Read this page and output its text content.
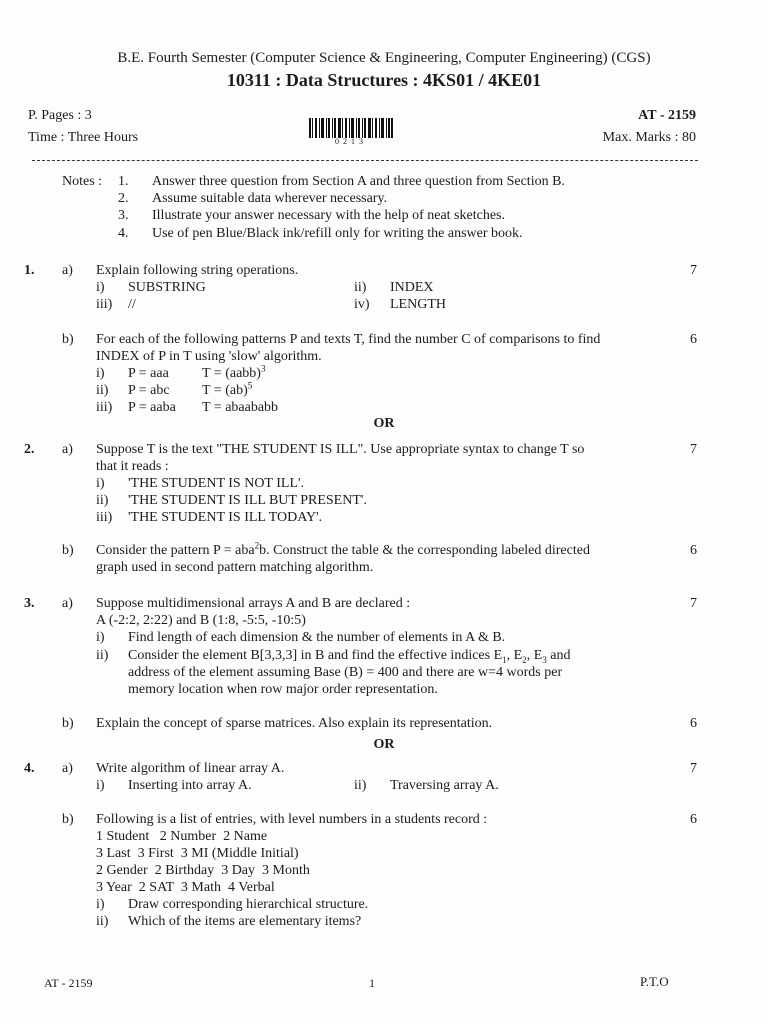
B.E. Fourth Semester (Computer Science & Engineering, Computer Engineering) (CGS)
10311 : Data Structures : 4KS01 / 4KE01
P. Pages : 3
Time : Three Hours
AT - 2159
Max. Marks : 80
0213
Notes : 1. Answer three question from Section A and three question from Section B.
2. Assume suitable data wherever necessary.
3. Illustrate your answer necessary with the help of neat sketches.
4. Use of pen Blue/Black ink/refill only for writing the answer book.
1. a) Explain following string operations.	7
i) SUBSTRING	ii) INDEX
iii) //	iv) LENGTH
b) For each of the following patterns P and texts T, find the number C of comparisons to find	6
INDEX of P in T using 'slow' algorithm.
i) P = aaa T = (aabb)$^3$
ii) P = abc T = (ab)$^5$
iii) P = aaba T = abaababb
OR
2. a) Suppose T is the text "THE STUDENT IS ILL". Use appropriate syntax to change T so	7
that it reads :
i) 'THE STUDENT IS NOT ILL'.
ii) 'THE STUDENT IS ILL BUT PRESENT'.
iii) 'THE STUDENT IS ILL TODAY'.
b) Consider the pattern P = aba$^2$b. Construct the table & the corresponding labeled directed	6
graph used in second pattern matching algorithm.
3. a) Suppose multidimensional arrays A and B are declared :	7
A (-2:2, 2:22) and B (1:8, -5:5, -10:5)
i) Find length of each dimension & the number of elements in A & B.
ii) Consider the element B[3,3,3] in B and find the effective indices $E_1$, $E_2$, $E_3$ and
address of the element assuming Base (B) = 400 and there are w=4 words per
memory location when row major order representation.
b) Explain the concept of sparse matrices. Also explain its representation.	6
OR
4. a) Write algorithm of linear array A.	7
i) Inserting into array A.	ii) Traversing array A.
b) Following is a list of entries, with level numbers in a students record :	6
1 Student   2 Number  2 Name
3 Last  3 First  3 MI (Middle Initial)
2 Gender  2 Birthday  3 Day  3 Month
3 Year  2 SAT  3 Math  4 Verbal
i) Draw corresponding hierarchical structure.
ii) Which of the items are elementary items?
AT - 2159	1	P.T.O
